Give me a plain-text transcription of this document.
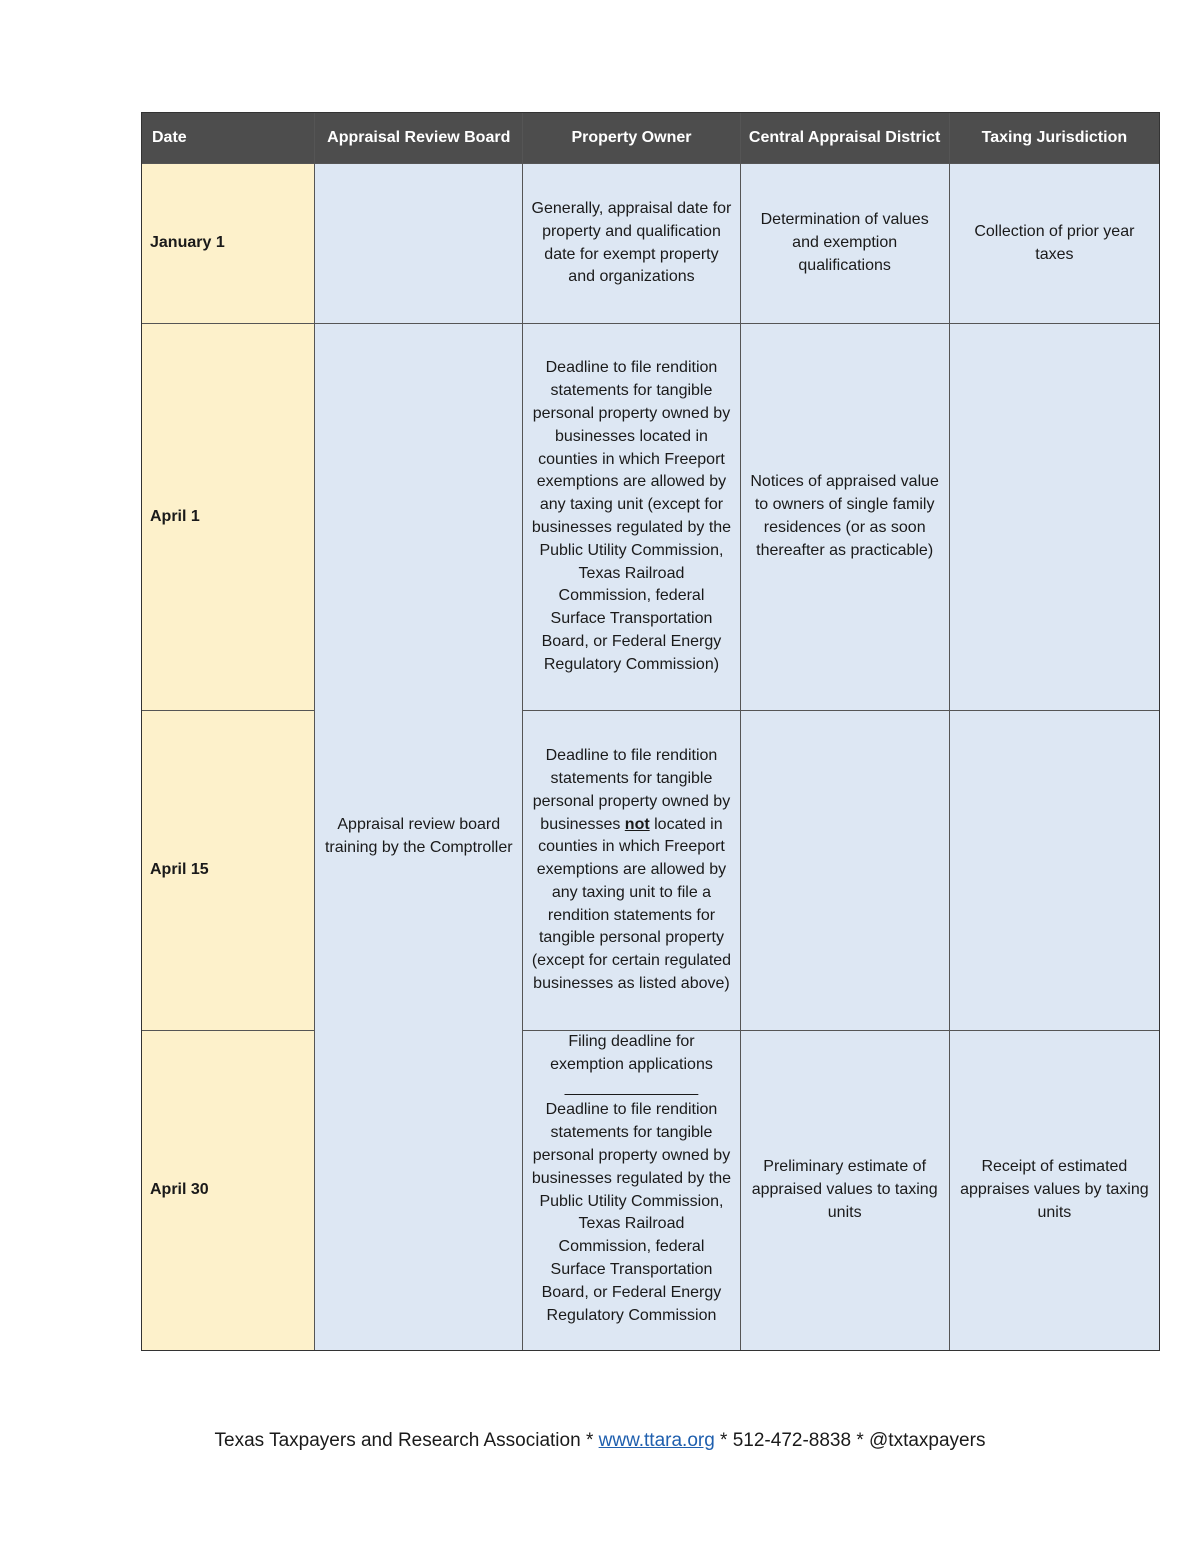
Date	Appraisal Review Board	Property Owner	Central Appraisal District	Taxing Jurisdiction
January 1		Generally, appraisal date for property and qualification date for exempt property and organizations	Determination of values and exemption qualifications	Collection of prior year taxes
April 1	Appraisal review board training by the Comptroller	Deadline to file rendition statements for tangible personal property owned by businesses located in counties in which Freeport exemptions are allowed by any taxing unit (except for businesses regulated by the Public Utility Commission, Texas Railroad Commission, federal Surface Transportation Board, or Federal Energy Regulatory Commission)	Notices of appraised value to owners of single family residences (or as soon thereafter as practicable)	
April 15		Deadline to file rendition statements for tangible personal property owned by businesses not located in counties in which Freeport exemptions are allowed by any taxing unit to file a rendition statements for tangible personal property (except for certain regulated businesses as listed above)		
April 30		Filing deadline for exemption applications
_______________
Deadline to file rendition statements for tangible personal property owned by businesses regulated by the Public Utility Commission, Texas Railroad Commission, federal Surface Transportation Board, or Federal Energy Regulatory Commission	Preliminary estimate of appraised values to taxing units	Receipt of estimated appraises values by taxing units
Texas Taxpayers and Research Association * www.ttara.org * 512-472-8838 * @txtaxpayers
